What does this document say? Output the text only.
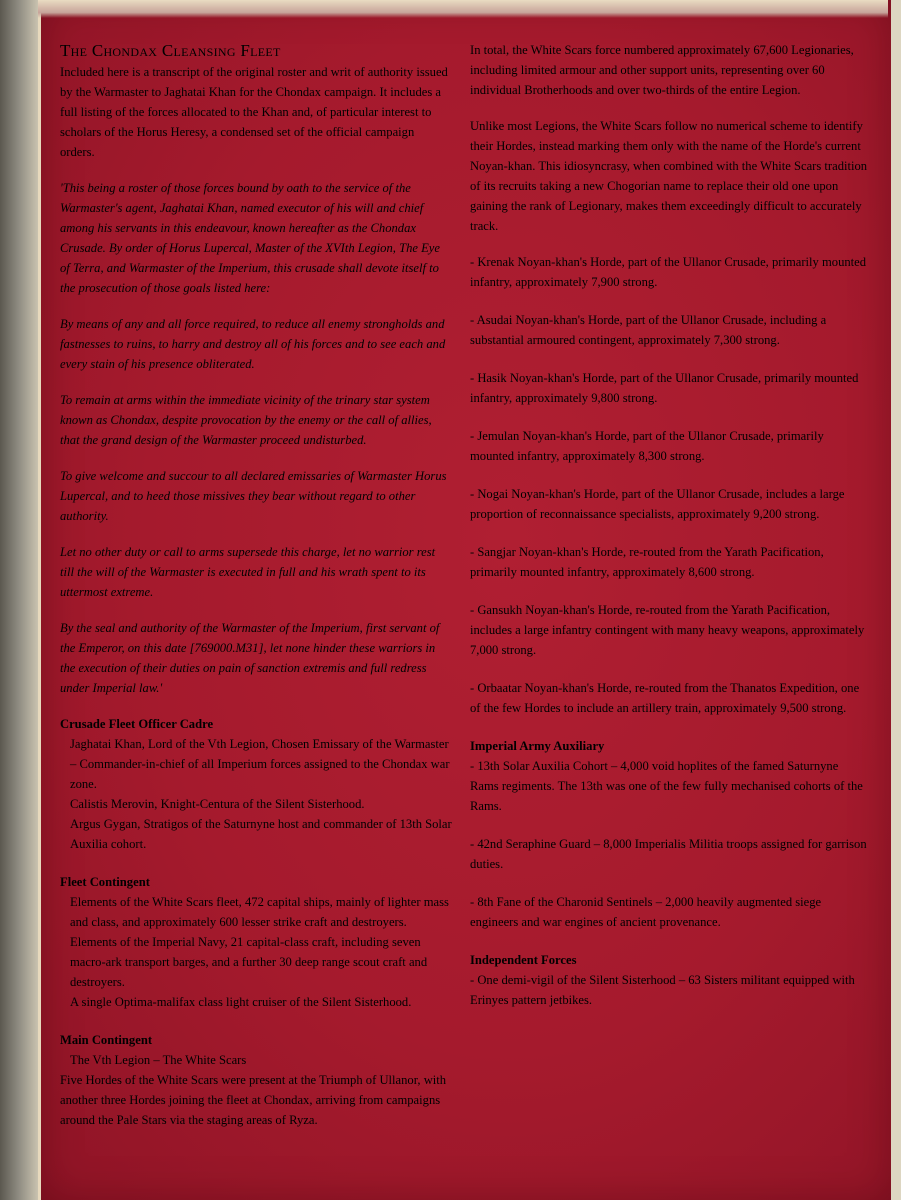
The Chondax Cleansing Fleet

Included here is a transcript of the original roster and writ of authority issued by the Warmaster to Jaghatai Khan for the Chondax campaign. It includes a full listing of the forces allocated to the Khan and, of particular interest to scholars of the Horus Heresy, a condensed set of the official campaign orders.

'This being a roster of those forces bound by oath to the service of the Warmaster's agent, Jaghatai Khan, named executor of his will and chief among his servants in this endeavour, known hereafter as the Chondax Crusade. By order of Horus Lupercal, Master of the XVIth Legion, The Eye of Terra, and Warmaster of the Imperium, this crusade shall devote itself to the prosecution of those goals listed here:

By means of any and all force required, to reduce all enemy strongholds and fastnesses to ruins, to harry and destroy all of his forces and to see each and every stain of his presence obliterated.

To remain at arms within the immediate vicinity of the trinary star system known as Chondax, despite provocation by the enemy or the call of allies, that the grand design of the Warmaster proceed undisturbed.

To give welcome and succour to all declared emissaries of Warmaster Horus Lupercal, and to heed those missives they bear without regard to other authority.

Let no other duty or call to arms supersede this charge, let no warrior rest till the will of the Warmaster is executed in full and his wrath spent to its uttermost extreme.

By the seal and authority of the Warmaster of the Imperium, first servant of the Emperor, on this date [769000.M31], let none hinder these warriors in the execution of their duties on pain of sanction extremis and full redress under Imperial law.'

Crusade Fleet Officer Cadre

Jaghatai Khan, Lord of the Vth Legion, Chosen Emissary of the Warmaster – Commander-in-chief of all Imperium forces assigned to the Chondax war zone.

Calistis Merovin, Knight-Centura of the Silent Sisterhood.

Argus Gygan, Stratigos of the Saturnyne host and commander of 13th Solar Auxilia cohort.

Fleet Contingent

Elements of the White Scars fleet, 472 capital ships, mainly of lighter mass and class, and approximately 600 lesser strike craft and destroyers.

Elements of the Imperial Navy, 21 capital-class craft, including seven macro-ark transport barges, and a further 30 deep range scout craft and destroyers.

A single Optima-malifax class light cruiser of the Silent Sisterhood.

Main Contingent

The Vth Legion – The White Scars

Five Hordes of the White Scars were present at the Triumph of Ullanor, with another three Hordes joining the fleet at Chondax, arriving from campaigns around the Pale Stars via the staging areas of Ryza.

In total, the White Scars force numbered approximately 67,600 Legionaries, including limited armour and other support units, representing over 60 individual Brotherhoods and over two-thirds of the entire Legion.

Unlike most Legions, the White Scars follow no numerical scheme to identify their Hordes, instead marking them only with the name of the Horde's current Noyan-khan. This idiosyncrasy, when combined with the White Scars tradition of its recruits taking a new Chogorian name to replace their old one upon gaining the rank of Legionary, makes them exceedingly difficult to accurately track.

- Krenak Noyan-khan's Horde, part of the Ullanor Crusade, primarily mounted infantry, approximately 7,900 strong.

- Asudai Noyan-khan's Horde, part of the Ullanor Crusade, including a substantial armoured contingent, approximately 7,300 strong.

- Hasik Noyan-khan's Horde, part of the Ullanor Crusade, primarily mounted infantry, approximately 9,800 strong.

- Jemulan Noyan-khan's Horde, part of the Ullanor Crusade, primarily mounted infantry, approximately 8,300 strong.

- Nogai Noyan-khan's Horde, part of the Ullanor Crusade, includes a large proportion of reconnaissance specialists, approximately 9,200 strong.

- Sangjar Noyan-khan's Horde, re-routed from the Yarath Pacification, primarily mounted infantry, approximately 8,600 strong.

- Gansukh Noyan-khan's Horde, re-routed from the Yarath Pacification, includes a large infantry contingent with many heavy weapons, approximately 7,000 strong.

- Orbaatar Noyan-khan's Horde, re-routed from the Thanatos Expedition, one of the few Hordes to include an artillery train, approximately 9,500 strong.

Imperial Army Auxiliary

- 13th Solar Auxilia Cohort – 4,000 void hoplites of the famed Saturnyne Rams regiments. The 13th was one of the few fully mechanised cohorts of the Rams.

- 42nd Seraphine Guard – 8,000 Imperialis Militia troops assigned for garrison duties.

- 8th Fane of the Charonid Sentinels – 2,000 heavily augmented siege engineers and war engines of ancient provenance.

Independent Forces

- One demi-vigil of the Silent Sisterhood – 63 Sisters militant equipped with Erinyes pattern jetbikes.
